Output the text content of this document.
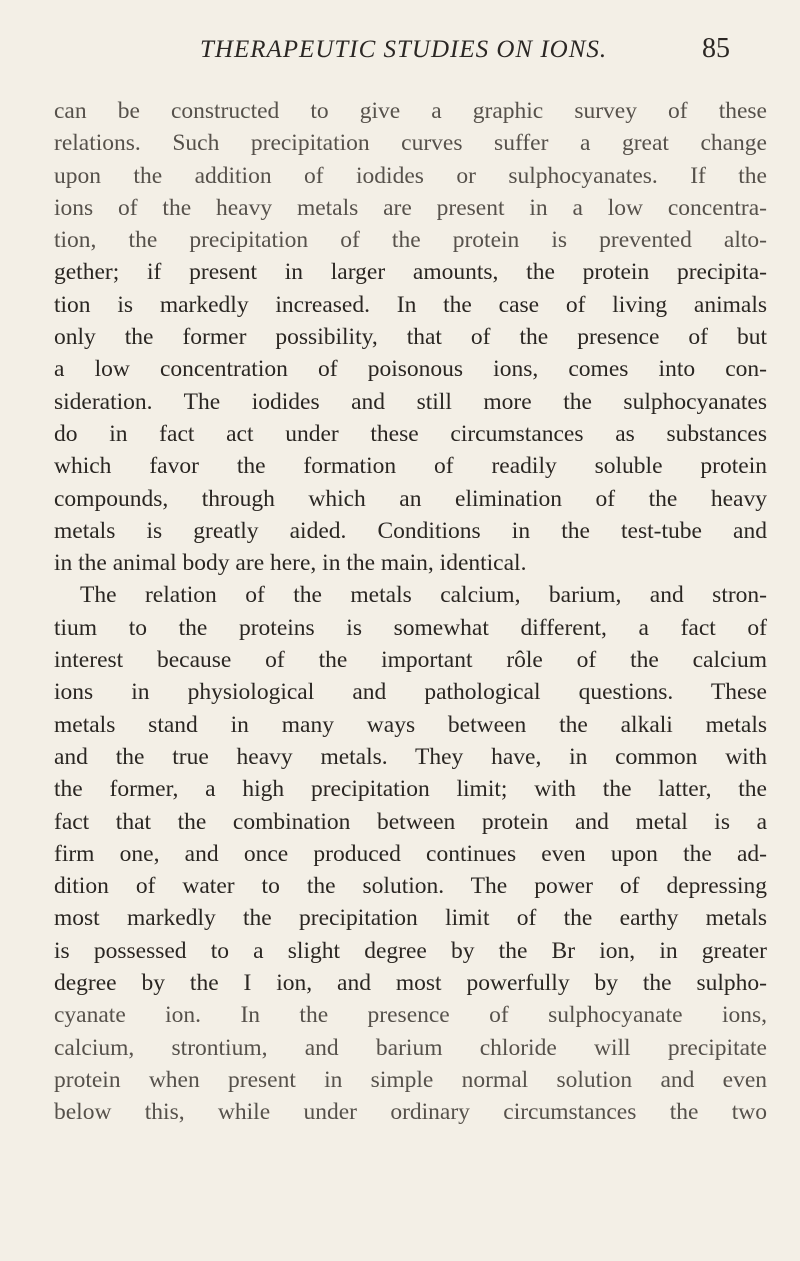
THERAPEUTIC STUDIES ON IONS.	85
can be constructed to give a graphic survey of these
relations. Such precipitation curves suffer a great change
upon the addition of iodides or sulphocyanates. If the
ions of the heavy metals are present in a low concentra-
tion, the precipitation of the protein is prevented alto-
gether; if present in larger amounts, the protein precipita-
tion is markedly increased. In the case of living animals
only the former possibility, that of the presence of but
a low concentration of poisonous ions, comes into con-
sideration. The iodides and still more the sulphocyanates
do in fact act under these circumstances as substances
which favor the formation of readily soluble protein
compounds, through which an elimination of the heavy
metals is greatly aided. Conditions in the test-tube and
in the animal body are here, in the main, identical.
The relation of the metals calcium, barium, and stron-
tium to the proteins is somewhat different, a fact of
interest because of the important rôle of the calcium
ions in physiological and pathological questions. These
metals stand in many ways between the alkali metals
and the true heavy metals. They have, in common with
the former, a high precipitation limit; with the latter, the
fact that the combination between protein and metal is a
firm one, and once produced continues even upon the ad-
dition of water to the solution. The power of depressing
most markedly the precipitation limit of the earthy metals
is possessed to a slight degree by the Br ion, in greater
degree by the I ion, and most powerfully by the sulpho-
cyanate ion. In the presence of sulphocyanate ions,
calcium, strontium, and barium chloride will precipitate
protein when present in simple normal solution and even
below this, while under ordinary circumstances the two
